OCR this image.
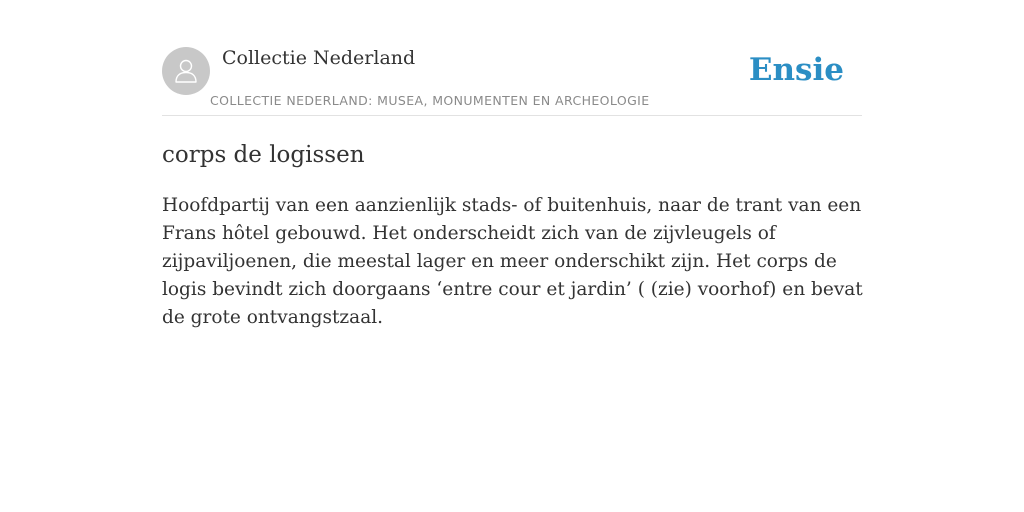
Collectie Nederland
COLLECTIE NEDERLAND: MUSEA, MONUMENTEN EN ARCHEOLOGIE
Ensie
corps de logissen

Hoofdpartij van een aanzienlijk stads- of buitenhuis, naar de trant van een Frans hôtel gebouwd. Het onderscheidt zich van de zijvleugels of zijpaviljoenen, die meestal lager en meer onderschikt zijn. Het corps de logis bevindt zich doorgaans ‘entre cour et jardin’ ( (zie) voorhof) en bevat de grote ontvangstzaal.
